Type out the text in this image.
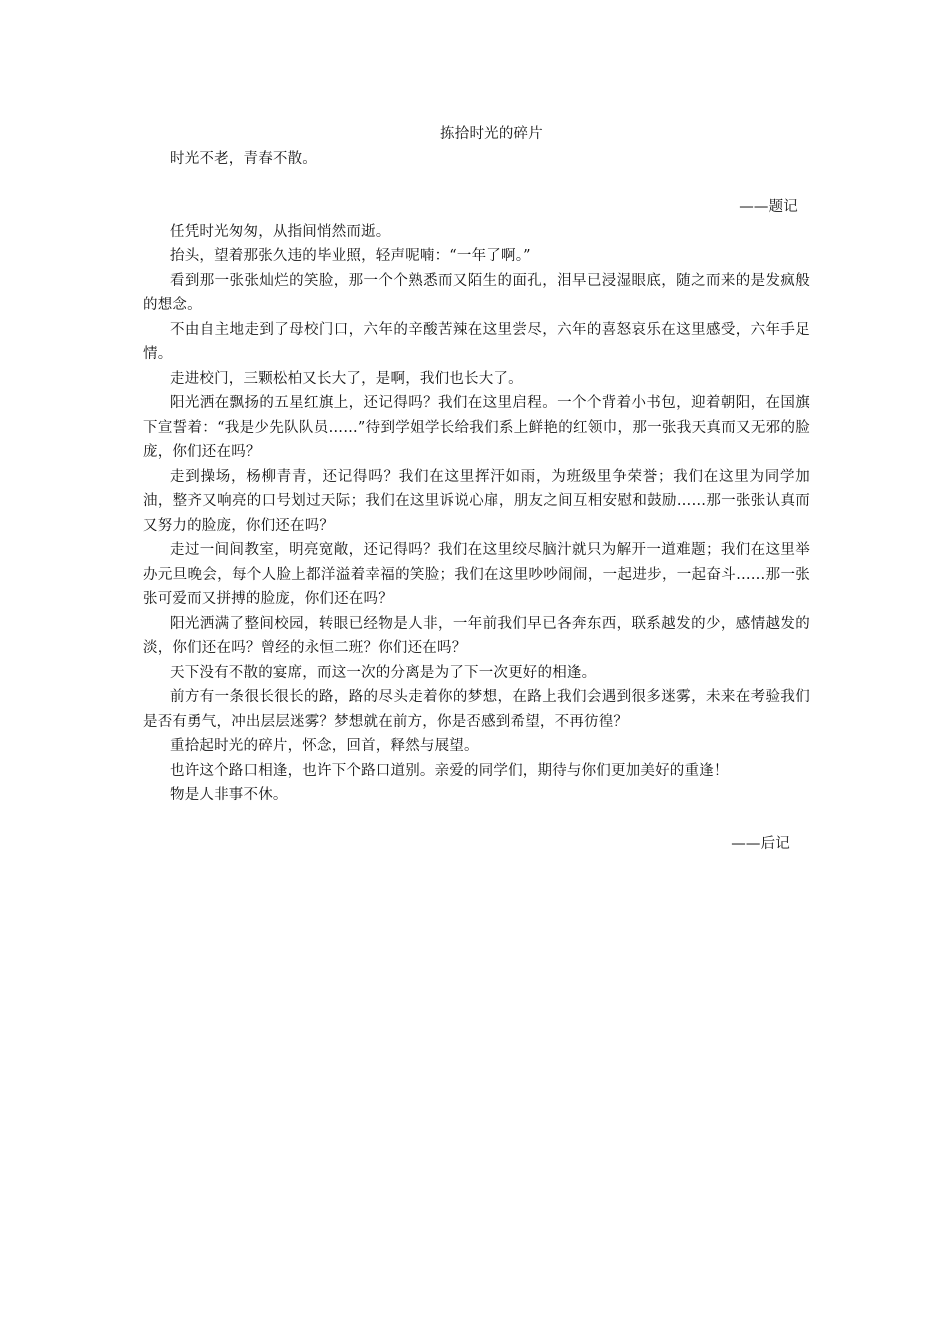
拣拾时光的碎片

时光不老，青春不散。

——题记

任凭时光匆匆，从指间悄然而逝。

抬头，望着那张久违的毕业照，轻声呢喃：“一年了啊。”

看到那一张张灿烂的笑脸，那一个个熟悉而又陌生的面孔，泪早已浸湿眼底，随之而来的是发疯般的想念。

不由自主地走到了母校门口，六年的辛酸苦辣在这里尝尽，六年的喜怒哀乐在这里感受，六年手足情。

走进校门，三颗松柏又长大了，是啊，我们也长大了。

阳光洒在飘扬的五星红旗上，还记得吗？我们在这里启程。一个个背着小书包，迎着朝阳，在国旗下宣誓着：“我是少先队队员……”待到学姐学长给我们系上鲜艳的红领巾，那一张我天真而又无邪的脸庞，你们还在吗？

走到操场，杨柳青青，还记得吗？我们在这里挥汗如雨，为班级里争荣誉；我们在这里为同学加油，整齐又响亮的口号划过天际；我们在这里诉说心扉，朋友之间互相安慰和鼓励……那一张张认真而又努力的脸庞，你们还在吗？

走过一间间教室，明亮宽敞，还记得吗？我们在这里绞尽脑汁就只为解开一道难题；我们在这里举办元旦晚会，每个人脸上都洋溢着幸福的笑脸；我们在这里吵吵闹闹，一起进步，一起奋斗……那一张张可爱而又拼搏的脸庞，你们还在吗？

阳光洒满了整间校园，转眼已经物是人非，一年前我们早已各奔东西，联系越发的少，感情越发的淡，你们还在吗？曾经的永恒二班？你们还在吗？

天下没有不散的宴席，而这一次的分离是为了下一次更好的相逢。

前方有一条很长很长的路，路的尽头走着你的梦想，在路上我们会遇到很多迷雾，未来在考验我们是否有勇气，冲出层层迷雾？梦想就在前方，你是否感到希望，不再彷徨？

重拾起时光的碎片，怀念，回首，释然与展望。

也许这个路口相逢，也许下个路口道别。亲爱的同学们，期待与你们更加美好的重逢！

物是人非事不休。

——后记
